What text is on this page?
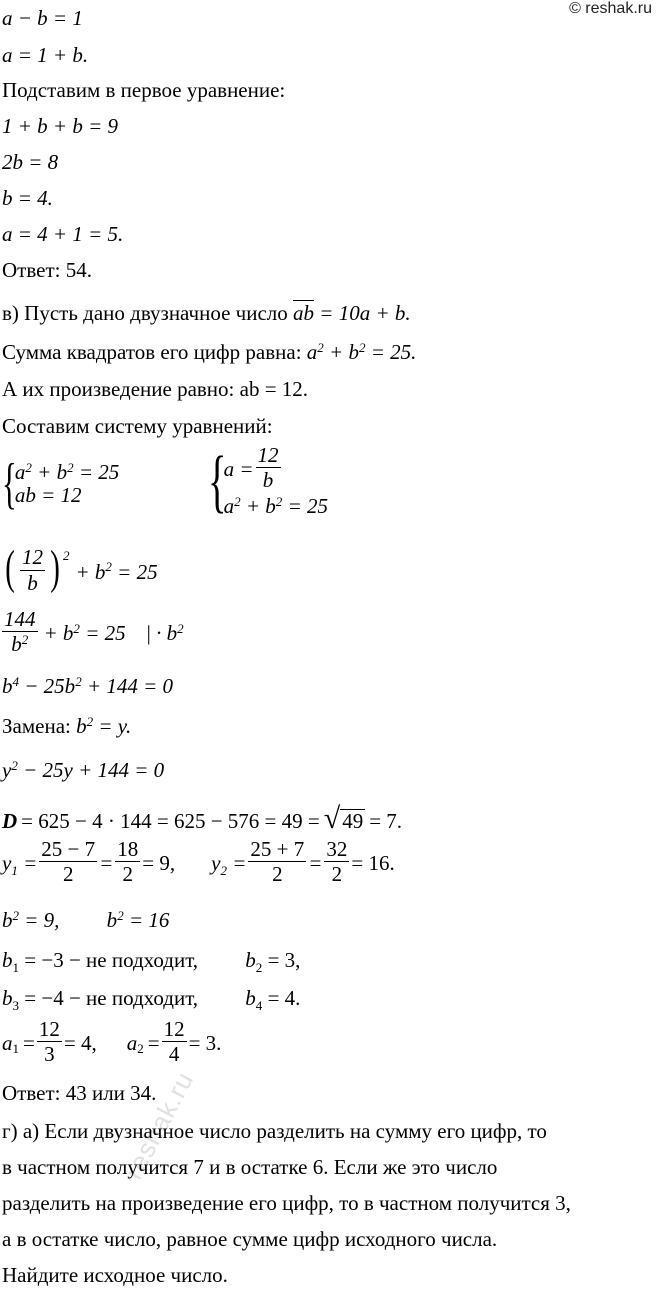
© reshak.ru
reshak.ru
a − b = 1
a = 1 + b.
Подставим в первое уравнение:
1 + b + b = 9
2b = 8
b = 4.
a = 4 + 1 = 5.
Ответ: 54.
в) Пусть дано двузначное число ab = 10a + b.
Сумма квадратов его цифр равна: $a^2 + b^2 = 25$.
А их произведение равно: ab = 12.
Составим систему уравнений:
{
$a^2 + b^2 = 25$
ab = 12	{
$a = \frac{12}{b}$
$a^2 + b^2 = 25$
( $\frac{12}{b} )^2$
+ $b^2 = 25$
$\frac{144}{b^2} + b^2 = 25$    | · $b^2$
$b^4 - 25b^2 + 144 = 0$
Замена: $b^2 = y$.
$y^2 - 25y + 144 = 0$
D = 625 − 4 · 144 = 625 − 576 = 49 = √ 49 = 7.
$y_1 = \frac{25 - 7}{2} = \frac{18}{2} = 9$, $y_2 = \frac{25 + 7}{2} = \frac{32}{2} = 16$.
$b^2 = 9$,         $b^2 = 16$
$b_1 = -3$ − не подходит,         $b_2 = 3$,
$b_3 = -4$ − не подходит,         $b_4 = 4$.
$a_1 = \frac{12}{3} = 4$, $a_2 = \frac{12}{4} = 3$.
Ответ: 43 или 34.
г) а) Если двузначное число разделить на сумму его цифр, то
в частном получится 7 и в остатке 6. Если же это число
разделить на произведение его цифр, то в частном получится 3,
а в остатке число, равное сумме цифр исходного числа.
Найдите исходное число.
